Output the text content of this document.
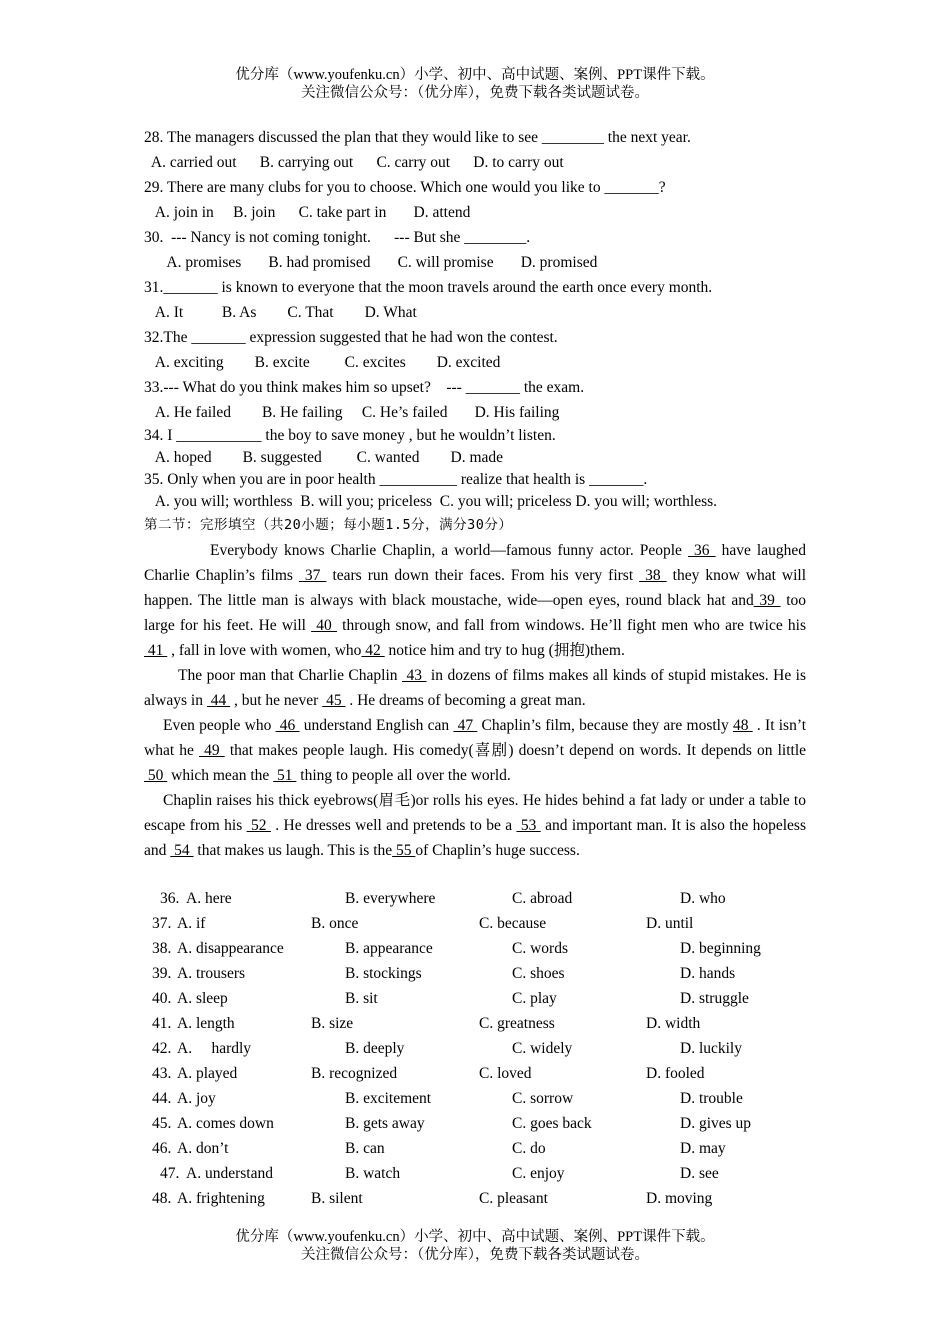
优分库（www.youfenku.cn）小学、初中、高中试题、案例、PPT课件下载。
关注微信公众号：（优分库），免费下载各类试题试卷。
28. The managers discussed the plan that they would like to see ________ the next year.
A. carried out      B. carrying out      C. carry out      D. to carry out
29. There are many clubs for you to choose. Which one would you like to _______?
A. join in     B. join      C. take part in       D. attend
30.  --- Nancy is not coming tonight.      --- But she ________.
A. promises       B. had promised       C. will promise       D. promised
31._______ is known to everyone that the moon travels around the earth once every month.
A. It          B. As        C. That        D. What
32.The _______ expression suggested that he had won the contest.
A. exciting        B. excite         C. excites        D. excited
33.--- What do you think makes him so upset?    --- _______ the exam.
A. He failed        B. He failing     C. He’s failed       D. His failing
34. I ___________ the boy to save money , but he wouldn’t listen.
A. hoped        B. suggested         C. wanted        D. made
35. Only when you are in poor health __________ realize that health is _______.
A. you will; worthless  B. will you; priceless  C. you will; priceless D. you will; worthless.
第二节：完形填空（共20小题；每小题1.5分，满分30分）

Everybody knows Charlie Chaplin, a world—famous funny actor. People  36  have laughed Charlie Chaplin’s films  37  tears run down their faces. From his very first  38  they know what will happen. The little man is always with black moustache, wide—open eyes, round black hat and 39  too large for his feet. He will  40  through snow, and fall from windows. He’ll fight men who are twice his  41  , fall in love with women, who 42  notice him and try to hug (拥抱)them.

The poor man that Charlie Chaplin  43  in dozens of films makes all kinds of stupid mistakes. He is always in  44  , but he never  45  . He dreams of becoming a great man.

Even people who  46  understand English can  47  Chaplin’s film, because they are mostly 48  . It isn’t what he  49  that makes people laugh. His comedy(喜剧) doesn’t depend on words. It depends on little  50  which mean the  51  thing to people all over the world.

Chaplin raises his thick eyebrows(眉毛)or rolls his eyes. He hides behind a fat lady or under a table to escape from his  52  . He dresses well and pretends to be a  53  and important man. It is also the hopeless and  54  that makes us laugh. This is the 55 of Chaplin’s huge success.

36. A. here	B. everywhere	C. abroad	D. who
37. A. if	B. once	C. because	D. until
38. A. disappearance	B. appearance	C. words	D. beginning
39. A. trousers	B. stockings	C. shoes	D. hands
40. A. sleep	B. sit	C. play	D. struggle
41. A. length	B. size	C. greatness	D. width
42. A.     hardly	B. deeply	C. widely	D. luckily
43. A. played	B. recognized	C. loved	D. fooled
44. A. joy	B. excitement	C. sorrow	D. trouble
45. A. comes down	B. gets away	C. goes back	D. gives up
46. A. don’t	B. can	C. do	D. may
47. A. understand	B. watch	C. enjoy	D. see
48. A. frightening	B. silent	C. pleasant	D. moving
优分库（www.youfenku.cn）小学、初中、高中试题、案例、PPT课件下载。
关注微信公众号：（优分库），免费下载各类试题试卷。
